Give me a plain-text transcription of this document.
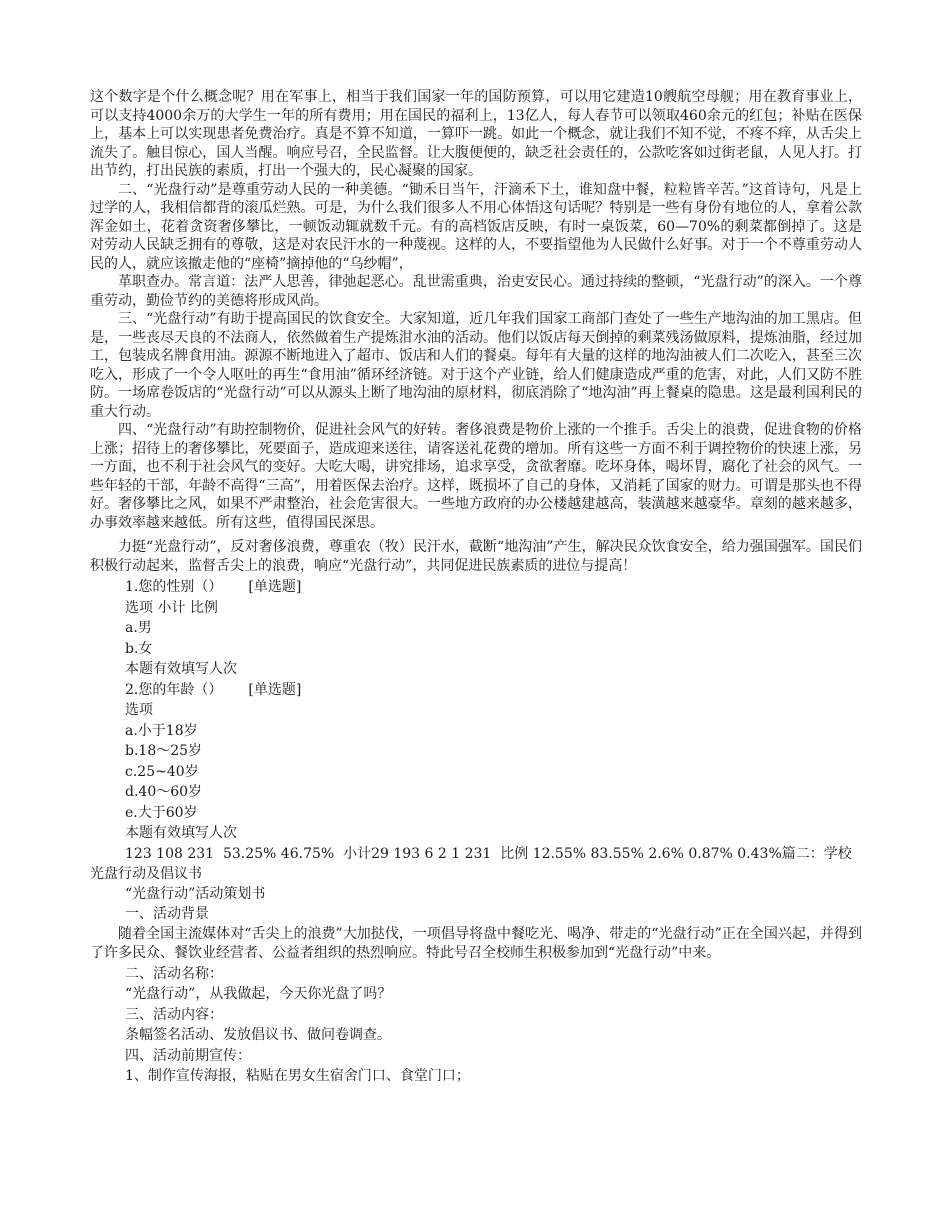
这个数字是个什么概念呢？用在军事上，相当于我们国家一年的国防预算，可以用它建造10艘航空母舰；用在教育事业上，可以支持4000余万的大学生一年的所有费用；用在国民的福利上，13亿人，每人春节可以领取460余元的红包；补贴在医保上，基本上可以实现患者免费治疗。真是不算不知道，一算吓一跳。如此一个概念，就让我们不知不觉，不疼不痒，从舌尖上流失了。触目惊心，国人当醒。响应号召，全民监督。让大腹便便的，缺乏社会责任的，公款吃客如过街老鼠，人见人打。打出节约，打出民族的素质，打出一个强大的，民心凝聚的国家。

二、“光盘行动”是尊重劳动人民的一种美德。“锄禾日当午，汗滴禾下土，谁知盘中餐，粒粒皆辛苦。”这首诗句，凡是上过学的人，我相信都背的滚瓜烂熟。可是，为什么我们很多人不用心体悟这句话呢？特别是一些有身份有地位的人，拿着公款浑金如土，花着贪资奢侈攀比，一顿饭动辄就数千元。有的高档饭店反映，有时一桌饭菜，60—70%的剩菜都倒掉了。这是对劳动人民缺乏拥有的尊敬，这是对农民汗水的一种蔑视。这样的人，不要指望他为人民做什么好事。对于一个不尊重劳动人民的人，就应该撤走他的“座椅”摘掉他的“乌纱帽”，

革职查办。常言道：法严人思善，律弛起恶心。乱世需重典，治吏安民心。通过持续的整顿，“光盘行动”的深入。一个尊重劳动，勤俭节约的美德将形成风尚。

三、“光盘行动”有助于提高国民的饮食安全。大家知道，近几年我们国家工商部门查处了一些生产地沟油的加工黑店。但是，一些丧尽天良的不法商人，依然做着生产提炼泔水油的活动。他们以饭店每天倒掉的剩菜残汤做原料，提炼油脂，经过加工，包装成名牌食用油。源源不断地进入了超市、饭店和人们的餐桌。每年有大量的这样的地沟油被人们二次吃入，甚至三次吃入，形成了一个令人呕吐的再生“食用油”循环经济链。对于这个产业链，给人们健康造成严重的危害，对此，人们又防不胜防。一场席卷饭店的“光盘行动”可以从源头上断了地沟油的原材料，彻底消除了“地沟油”再上餐桌的隐患。这是最利国利民的重大行动。

四、“光盘行动”有助控制物价，促进社会风气的好转。奢侈浪费是物价上涨的一个推手。舌尖上的浪费，促进食物的价格上涨；招待上的奢侈攀比，死要面子，造成迎来送往，请客送礼花费的增加。所有这些一方面不利于调控物价的快速上涨，另一方面，也不利于社会风气的变好。大吃大喝，讲究排场，追求享受，贪欲奢靡。吃坏身体，喝坏胃，腐化了社会的风气。一些年轻的干部，年龄不高得“三高”，用着医保去治疗。这样，既损坏了自己的身体，又消耗了国家的财力。可谓是那头也不得好。奢侈攀比之风，如果不严肃整治，社会危害很大。一些地方政府的办公楼越建越高，装潢越来越豪华。章刻的越来越多，办事效率越来越低。所有这些，值得国民深思。

力挺“光盘行动”，反对奢侈浪费，尊重农（牧）民汗水，截断“地沟油”产生，解决民众饮食安全，给力强国强军。国民们积极行动起来，监督舌尖上的浪费，响应“光盘行动”，共同促进民族素质的进位与提高！

1.您的性别（） [单选题]

选项 小计 比例

a.男

b.女

本题有效填写人次

2.您的年龄（） [单选题]

选项

a.小于18岁

b.18～25岁

c.25~40岁

d.40～60岁

e.大于60岁

本题有效填写人次

123 108 231  53.25% 46.75%  小计29 193 6 2 1 231  比例 12.55% 83.55% 2.6% 0.87% 0.43%篇二：学校光盘行动及倡议书

“光盘行动”活动策划书

一、活动背景

随着全国主流媒体对“舌尖上的浪费”大加挞伐，一项倡导将盘中餐吃光、喝净、带走的“光盘行动”正在全国兴起，并得到了许多民众、餐饮业经营者、公益者组织的热烈响应。特此号召全校师生积极参加到“光盘行动”中来。

二、活动名称：

“光盘行动”，从我做起，今天你光盘了吗？

三、活动内容：

条幅签名活动、发放倡议书、做问卷调查。

四、活动前期宣传：

1、制作宣传海报，粘贴在男女生宿舍门口、食堂门口；
